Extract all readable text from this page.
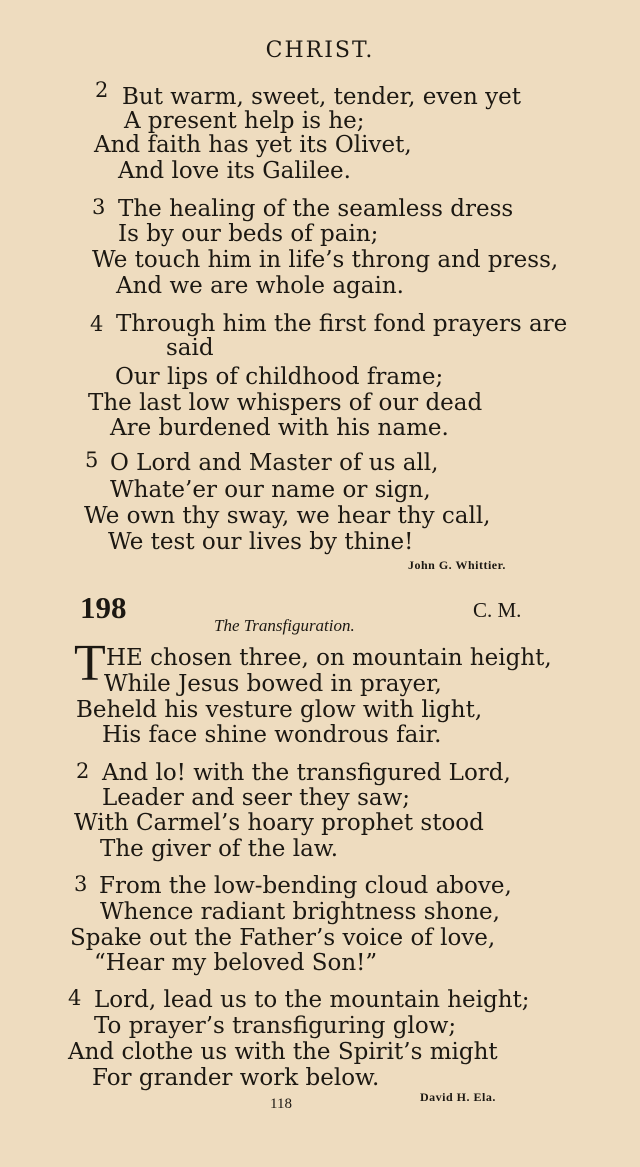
CHRIST.
2 But warm, sweet, tender, even yet
A present help is he;
And faith has yet its Olivet,
And love its Galilee.
3 The healing of the seamless dress
Is by our beds of pain;
We touch him in life’s throng and press,
And we are whole again.
4 Through him the first fond prayers are
said
Our lips of childhood frame;
The last low whispers of our dead
Are burdened with his name.
5 O Lord and Master of us all,
Whate’er our name or sign,
We own thy sway, we hear thy call,
We test our lives by thine!
John G. Whittier.
198	C. M.
The Transfiguration.
T HE chosen three, on mountain height,
While Jesus bowed in prayer,
Beheld his vesture glow with light,
His face shine wondrous fair.
2 And lo! with the transfigured Lord,
Leader and seer they saw;
With Carmel’s hoary prophet stood
The giver of the law.
3 From the low-bending cloud above,
Whence radiant brightness shone,
Spake out the Father’s voice of love,
“Hear my beloved Son!”
4 Lord, lead us to the mountain height;
To prayer’s transfiguring glow;
And clothe us with the Spirit’s might
For grander work below.
David H. Ela.
118
